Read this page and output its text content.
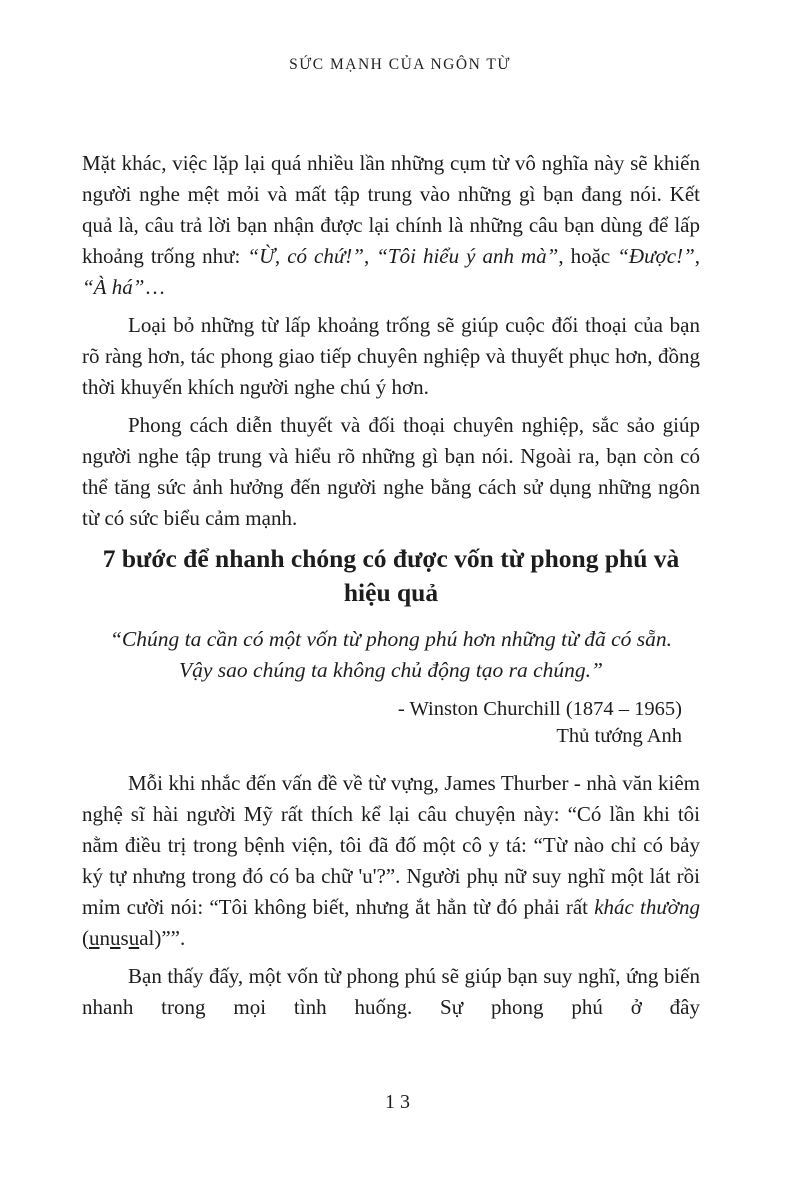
SỨC MẠNH CỦA NGÔN TỪ

Mặt khác, việc lặp lại quá nhiều lần những cụm từ vô nghĩa này sẽ khiến người nghe mệt mỏi và mất tập trung vào những gì bạn đang nói. Kết quả là, câu trả lời bạn nhận được lại chính là những câu bạn dùng để lấp khoảng trống như: “Ừ, có chứ!”, “Tôi hiểu ý anh mà”, hoặc “Được!”, “À há”…

Loại bỏ những từ lấp khoảng trống sẽ giúp cuộc đối thoại của bạn rõ ràng hơn, tác phong giao tiếp chuyên nghiệp và thuyết phục hơn, đồng thời khuyến khích người nghe chú ý hơn.

Phong cách diễn thuyết và đối thoại chuyên nghiệp, sắc sảo giúp người nghe tập trung và hiểu rõ những gì bạn nói. Ngoài ra, bạn còn có thể tăng sức ảnh hưởng đến người nghe bằng cách sử dụng những ngôn từ có sức biểu cảm mạnh.

7 bước để nhanh chóng có được vốn từ phong phú và hiệu quả

“Chúng ta cần có một vốn từ phong phú hơn những từ đã có sẵn. Vậy sao chúng ta không chủ động tạo ra chúng.”

- Winston Churchill (1874 – 1965)

Thủ tướng Anh

Mỗi khi nhắc đến vấn đề về từ vựng, James Thurber - nhà văn kiêm nghệ sĩ hài người Mỹ rất thích kể lại câu chuyện này: “Có lần khi tôi nằm điều trị trong bệnh viện, tôi đã đố một cô y tá: “Từ nào chỉ có bảy ký tự nhưng trong đó có ba chữ 'u'?”. Người phụ nữ suy nghĩ một lát rồi mỉm cười nói: “Tôi không biết, nhưng ắt hẳn từ đó phải rất khác thường (unusual)””.

Bạn thấy đấy, một vốn từ phong phú sẽ giúp bạn suy nghĩ, ứng biến nhanh trong mọi tình huống. Sự phong phú ở đây

13
